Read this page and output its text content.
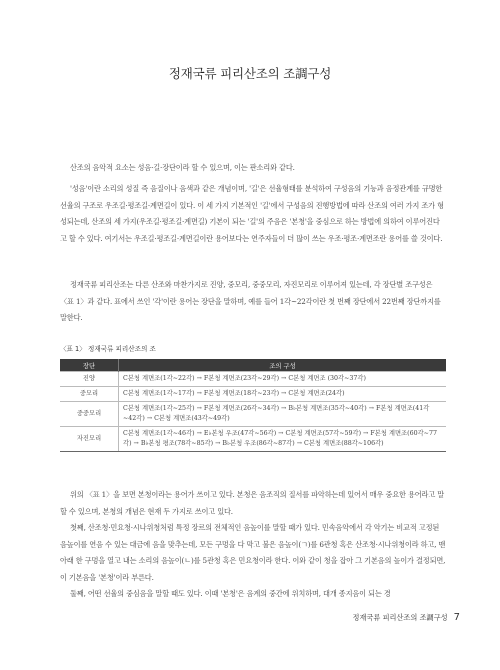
정재국류 피리산조의 조調구성

산조의 음악적 요소는 성음·길·장단이라 할 수 있으며, 이는 판소리와 같다.

'성음'이란 소리의 성질 즉 음질이나 음색과 같은 개념이며, '길'은 선율형태를 분석하여 구성음의 기능과 음정관계를 규명한 선율의 구조로 우조길·평조길·계면길이 있다. 이 세 가지 기본적인 '길'에서 구성음의 진행방법에 따라 산조의 여러 가지 조가 형성되는데, 산조의 세 가지(우조길·평조길·계면길) 기본이 되는 '길'의 주음은 '본청'을 중심으로 하는 방법에 의하여 이루어진다고 할 수 있다. 여기서는 우조길·평조길·계면길이란 용어보다는 연주자들이 더 많이 쓰는 우조·평조·계면조란 용어를 쓸 것이다.

정재국류 피리산조는 다른 산조와 마찬가지로 진양, 중모리, 중중모리, 자진모리로 이루어져 있는데, 각 장단별 조구성은 〈표 1〉과 같다. 표에서 쓰인 '각'이란 용어는 장단을 말하며, 예를 들어 1각~22각이란 첫 번째 장단에서 22번째 장단까지를 말한다.

〈표 1〉 정재국류 피리산조의 조
장단	조의 구성
진양	C본청 계면조(1각~22각) → F본청 계면조(23각~29각) → C본청 계면조 (30각~37각)
중모리	C본청 계면조(1각~17각) → F본청 계면조(18각~23각) → C본청 계면조(24각)
중중모리	C본청 계면조(1각~25각) → F본청 계면조(26각~34각) → B♭본청 계면조(35각~40각) → F본청 계면조(41각~42각) → C본청 계면조(43각~49각)
자진모리	C본청 계면조(1각~46각) → E♭본청 우조(47각~56각) → C본청 계면조(57각~59각) → F본청 계면조(60각~77각) → B♭본청 평조(78각~85각) → B♭본청 우조(86각~87각) → C본청 계면조(88각~106각)

위의 〈표 1〉을 보면 본청이라는 용어가 쓰이고 있다. 본청은 음조직의 질서를 파악하는데 있어서 매우 중요한 용어라고 말할 수 있으며, 본청의 개념은 현재 두 가지로 쓰이고 있다.

첫째, 산조청·민요청·시나위청처럼 특정 장르의 전체적인 음높이를 말할 때가 있다. 민속음악에서 각 악기는 비교적 고정된 음높이를 연음 수 있는 대금에 음을 맞추는데, 모든 구멍을 다 막고 불은 음높이(ㄱ)를 6관청 혹은 산조청·시나위청이라 하고, 맨 아래 한 구멍을 열고 내는 소리의 음높이(ㄴ)를 5관청 혹은 민요청이라 한다. 이와 같이 청을 잡아 그 기본음의 높이가 결정되면, 이 기본음을 '본청'이라 부른다.

둘째, 어떤 선율의 중심음을 말할 때도 있다. 이때 '본청'은 음계의 중간에 위치하며, 대개 종지음이 되는 경

정재국류 피리산조의 조調구성 7
